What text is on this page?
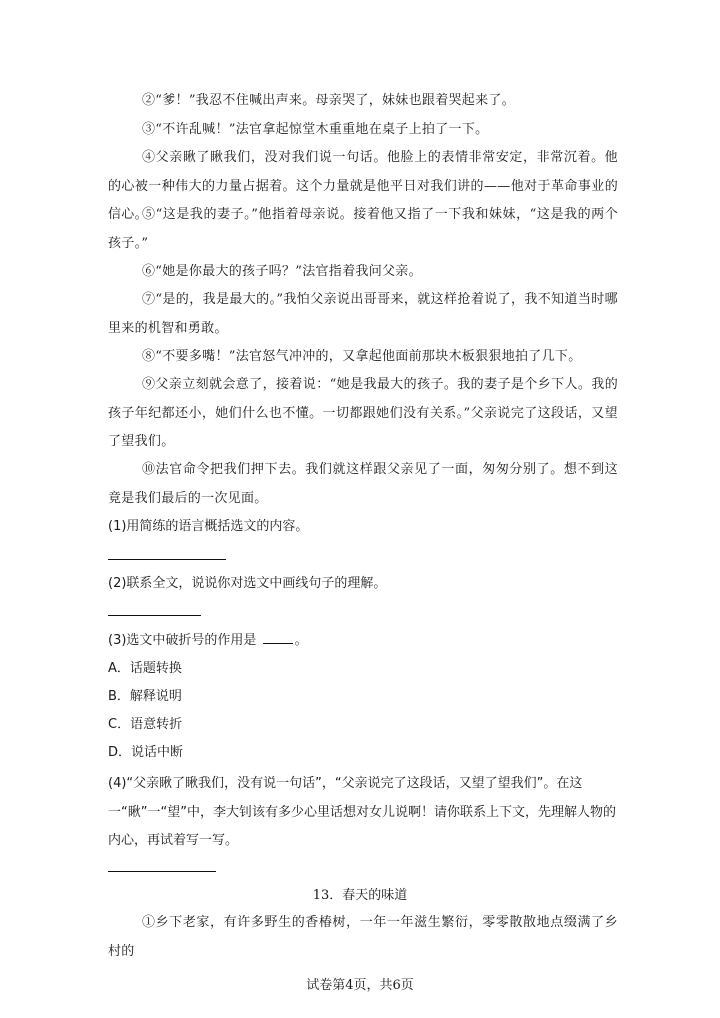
②“爹！”我忍不住喊出声来。母亲哭了，妹妹也跟着哭起来了。

③“不许乱喊！”法官拿起惊堂木重重地在桌子上拍了一下。

④父亲瞅了瞅我们，没对我们说一句话。他脸上的表情非常安定，非常沉着。他的心被一种伟大的力量占据着。这个力量就是他平日对我们讲的——他对于革命事业的信心。

⑤“这是我的妻子。”他指着母亲说。接着他又指了一下我和妹妹，“这是我的两个孩子。”

⑥“她是你最大的孩子吗？”法官指着我问父亲。

⑦“是的，我是最大的。”我怕父亲说出哥哥来，就这样抢着说了，我不知道当时哪里来的机智和勇敢。

⑧“不要多嘴！”法官怒气冲冲的，又拿起他面前那块木板狠狠地拍了几下。

⑨父亲立刻就会意了，接着说：“她是我最大的孩子。我的妻子是个乡下人。我的孩子年纪都还小，她们什么也不懂。一切都跟她们没有关系。”父亲说完了这段话，又望了望我们。

⑩法官命令把我们押下去。我们就这样跟父亲见了一面，匆匆分别了。想不到这竟是我们最后的一次见面。

(1)用简练的语言概括选文的内容。

(2)联系全文，说说你对选文中画线句子的理解。

(3)选文中破折号的作用是	。

A．话题转换

B．解释说明

C．语意转折

D．说话中断

(4)“父亲瞅了瞅我们，没有说一句话”，“父亲说完了这段话，又望了望我们”。在这一“瞅”一“望”中，李大钊该有多少心里话想对女儿说啊！请你联系上下文，先理解人物的内心，再试着写一写。

13．春天的味道

①乡下老家，有许多野生的香椿树，一年一年滋生繁衍，零零散散地点缀满了乡村的

试卷第4页，共6页
